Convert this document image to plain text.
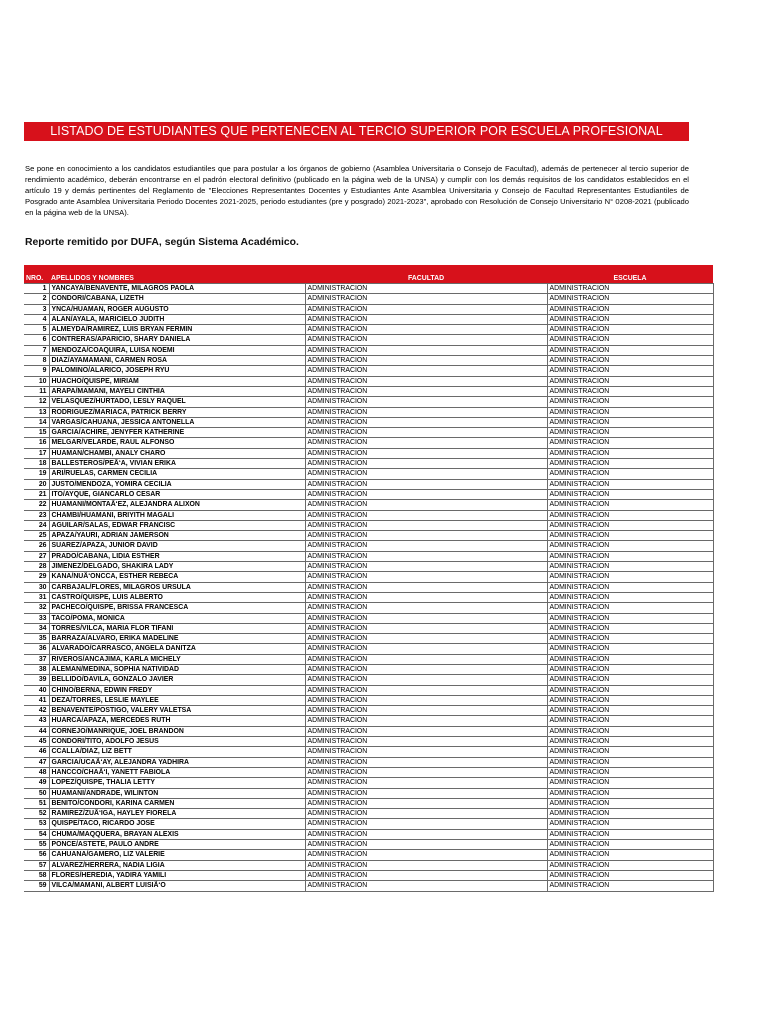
LISTADO DE ESTUDIANTES QUE PERTENECEN AL TERCIO SUPERIOR POR ESCUELA PROFESIONAL
Se pone en conocimiento a los candidatos estudiantiles que para postular a los órganos de gobierno (Asamblea Universitaria o Consejo de Facultad), además de pertenecer al tercio superior de rendimiento académico, deberán encontrarse en el padrón electoral definitivo (publicado en la página web de la UNSA) y cumplir con los demás requisitos de los candidatos establecidos en el artículo 19 y demás pertinentes del Reglamento de "Elecciones Representantes Docentes y Estudiantes Ante Asamblea Universitaria y Consejo de Facultad Representantes Estudiantiles de Posgrado ante Asamblea Universitaria Periodo Docentes 2021-2025, periodo estudiantes (pre y posgrado) 2021-2023", aprobado con Resolución de Consejo Universitario N° 0208-2021 (publicado en la página web de la UNSA).
Reporte remitido por DUFA, según Sistema Académico.
NRO.	APELLIDOS Y NOMBRES	FACULTAD	ESCUELA
1	YANCAYA/BENAVENTE, MILAGROS PAOLA	ADMINISTRACION	ADMINISTRACION
2	CONDORI/CABANA, LIZETH	ADMINISTRACION	ADMINISTRACION
3	YNCA/HUAMAN, ROGER AUGUSTO	ADMINISTRACION	ADMINISTRACION
4	ALAN/AYALA, MARICIELO JUDITH	ADMINISTRACION	ADMINISTRACION
5	ALMEYDA/RAMIREZ, LUIS BRYAN FERMIN	ADMINISTRACION	ADMINISTRACION
6	CONTRERAS/APARICIO, SHARY DANIELA	ADMINISTRACION	ADMINISTRACION
7	MENDOZA/COAQUIRA, LUISA NOEMI	ADMINISTRACION	ADMINISTRACION
8	DIAZ/AYAMAMANI, CARMEN ROSA	ADMINISTRACION	ADMINISTRACION
9	PALOMINO/ALARICO, JOSEPH RYU	ADMINISTRACION	ADMINISTRACION
10	HUACHO/QUISPE, MIRIAM	ADMINISTRACION	ADMINISTRACION
11	ARAPA/MAMANI, MAYELI CINTHIA	ADMINISTRACION	ADMINISTRACION
12	VELASQUEZ/HURTADO, LESLY RAQUEL	ADMINISTRACION	ADMINISTRACION
13	RODRIGUEZ/MARIACA, PATRICK BERRY	ADMINISTRACION	ADMINISTRACION
14	VARGAS/CAHUANA, JESSICA ANTONELLA	ADMINISTRACION	ADMINISTRACION
15	GARCIA/ACHIRE, JENYFER KATHERINE	ADMINISTRACION	ADMINISTRACION
16	MELGAR/VELARDE, RAUL ALFONSO	ADMINISTRACION	ADMINISTRACION
17	HUAMAN/CHAMBI, ANALY CHARO	ADMINISTRACION	ADMINISTRACION
18	BALLESTEROS/PEÃ‘A, VIVIAN ERIKA	ADMINISTRACION	ADMINISTRACION
19	ARI/RUELAS, CARMEN CECILIA	ADMINISTRACION	ADMINISTRACION
20	JUSTO/MENDOZA, YOMIRA CECILIA	ADMINISTRACION	ADMINISTRACION
21	ITO/AYQUE, GIANCARLO CESAR	ADMINISTRACION	ADMINISTRACION
22	HUAMANI/MONTAÃ‘EZ, ALEJANDRA ALIXON	ADMINISTRACION	ADMINISTRACION
23	CHAMBI/HUAMANI, BRIYITH MAGALI	ADMINISTRACION	ADMINISTRACION
24	AGUILAR/SALAS, EDWAR FRANCISC	ADMINISTRACION	ADMINISTRACION
25	APAZA/YAURI, ADRIAN JAMERSON	ADMINISTRACION	ADMINISTRACION
26	SUAREZ/APAZA, JUNIOR DAVID	ADMINISTRACION	ADMINISTRACION
27	PRADO/CABANA, LIDIA ESTHER	ADMINISTRACION	ADMINISTRACION
28	JIMENEZ/DELGADO, SHAKIRA LADY	ADMINISTRACION	ADMINISTRACION
29	KANA/NUÃ‘ONCCA, ESTHER REBECA	ADMINISTRACION	ADMINISTRACION
30	CARBAJAL/FLORES, MILAGROS URSULA	ADMINISTRACION	ADMINISTRACION
31	CASTRO/QUISPE, LUIS ALBERTO	ADMINISTRACION	ADMINISTRACION
32	PACHECO/QUISPE, BRISSA FRANCESCA	ADMINISTRACION	ADMINISTRACION
33	TACO/POMA, MONICA	ADMINISTRACION	ADMINISTRACION
34	TORRES/VILCA, MARIA FLOR TIFANI	ADMINISTRACION	ADMINISTRACION
35	BARRAZA/ALVARO, ERIKA MADELINE	ADMINISTRACION	ADMINISTRACION
36	ALVARADO/CARRASCO, ANGELA DANITZA	ADMINISTRACION	ADMINISTRACION
37	RIVEROS/ANCAJIMA, KARLA MICHELY	ADMINISTRACION	ADMINISTRACION
38	ALEMAN/MEDINA, SOPHIA NATIVIDAD	ADMINISTRACION	ADMINISTRACION
39	BELLIDO/DAVILA, GONZALO JAVIER	ADMINISTRACION	ADMINISTRACION
40	CHINO/BERNA, EDWIN FREDY	ADMINISTRACION	ADMINISTRACION
41	DEZA/TORRES, LESLIE MAYLEE	ADMINISTRACION	ADMINISTRACION
42	BENAVENTE/POSTIGO, VALERY VALETSA	ADMINISTRACION	ADMINISTRACION
43	HUARCA/APAZA, MERCEDES RUTH	ADMINISTRACION	ADMINISTRACION
44	CORNEJO/MANRIQUE, JOEL BRANDON	ADMINISTRACION	ADMINISTRACION
45	CONDORI/TITO, ADOLFO JESUS	ADMINISTRACION	ADMINISTRACION
46	CCALLA/DIAZ, LIZ BETT	ADMINISTRACION	ADMINISTRACION
47	GARCIA/UCAÃ‘AY, ALEJANDRA YADHIRA	ADMINISTRACION	ADMINISTRACION
48	HANCCO/CHAÃ‘I, YANETT FABIOLA	ADMINISTRACION	ADMINISTRACION
49	LOPEZ/QUISPE, THALIA LETTY	ADMINISTRACION	ADMINISTRACION
50	HUAMANI/ANDRADE, WILINTON	ADMINISTRACION	ADMINISTRACION
51	BENITO/CONDORI, KARINA CARMEN	ADMINISTRACION	ADMINISTRACION
52	RAMIREZ/ZUÃ‘IGA, HAYLEY FIORELA	ADMINISTRACION	ADMINISTRACION
53	QUISPE/TACO, RICARDO JOSE	ADMINISTRACION	ADMINISTRACION
54	CHUMA/MAQQUERA, BRAYAN ALEXIS	ADMINISTRACION	ADMINISTRACION
55	PONCE/ASTETE, PAULO ANDRE	ADMINISTRACION	ADMINISTRACION
56	CAHUANA/GAMERO, LIZ VALERIE	ADMINISTRACION	ADMINISTRACION
57	ALVAREZ/HERRERA, NADIA LIGIA	ADMINISTRACION	ADMINISTRACION
58	FLORES/HEREDIA, YADIRA YAMILI	ADMINISTRACION	ADMINISTRACION
59	VILCA/MAMANI, ALBERT LUISIÃ‘O	ADMINISTRACION	ADMINISTRACION
